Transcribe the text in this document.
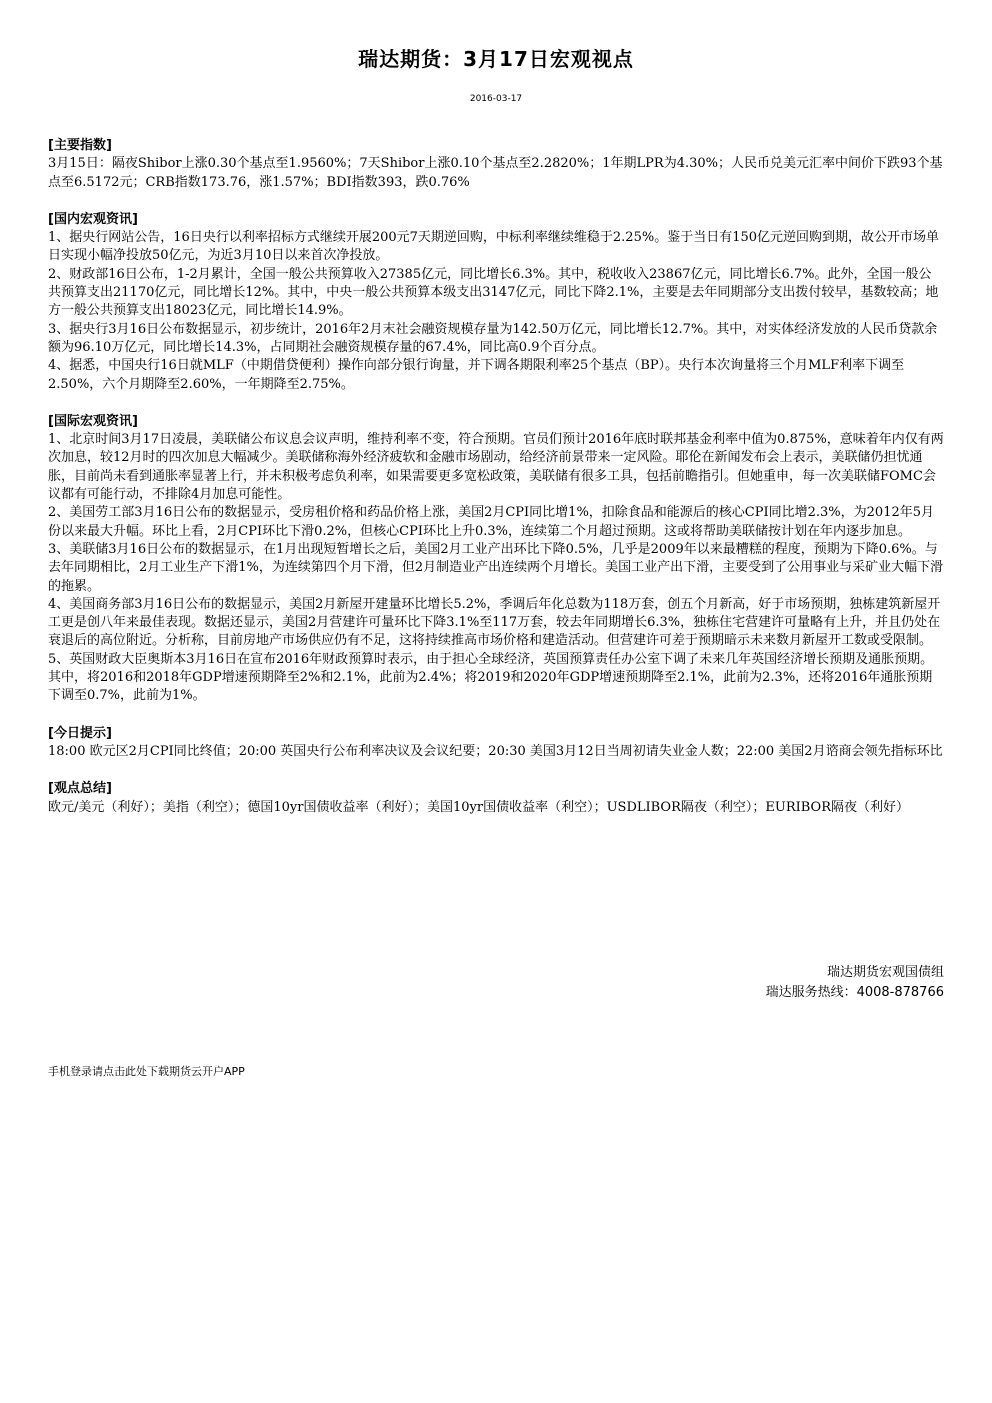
瑞达期货：3月17日宏观视点
2016-03-17
[主要指数]

3月15日：隔夜Shibor上涨0.30个基点至1.9560%；7天Shibor上涨0.10个基点至2.2820%；1年期LPR为4.30%；人民币兑美元汇率中间价下跌93个基点至6.5172元；CRB指数173.76，涨1.57%；BDI指数393，跌0.76%

[国内宏观资讯]

1、据央行网站公告，16日央行以利率招标方式继续开展200元7天期逆回购，中标利率继续维稳于2.25%。鉴于当日有150亿元逆回购到期，故公开市场单日实现小幅净投放50亿元，为近3月10日以来首次净投放。

2、财政部16日公布，1-2月累计，全国一般公共预算收入27385亿元，同比增长6.3%。其中，税收收入23867亿元，同比增长6.7%。此外，全国一般公共预算支出21170亿元，同比增长12%。其中，中央一般公共预算本级支出3147亿元，同比下降2.1%，主要是去年同期部分支出拨付较早，基数较高；地方一般公共预算支出18023亿元，同比增长14.9%。

3、据央行3月16日公布数据显示，初步统计，2016年2月末社会融资规模存量为142.50万亿元，同比增长12.7%。其中，对实体经济发放的人民币贷款余额为96.10万亿元，同比增长14.3%，占同期社会融资规模存量的67.4%，同比高0.9个百分点。

4、据悉，中国央行16日就MLF（中期借贷便利）操作向部分银行询量，并下调各期限利率25个基点（BP）。央行本次询量将三个月MLF利率下调至2.50%，六个月期降至2.60%，一年期降至2.75%。

[国际宏观资讯]

1、北京时间3月17日凌晨，美联储公布议息会议声明，维持利率不变，符合预期。官员们预计2016年底时联邦基金利率中值为0.875%，意味着年内仅有两次加息，较12月时的四次加息大幅减少。美联储称海外经济疲软和金融市场剧动，给经济前景带来一定风险。耶伦在新闻发布会上表示，美联储仍担忧通胀，目前尚未看到通胀率显著上行，并未积极考虑负利率，如果需要更多宽松政策，美联储有很多工具，包括前瞻指引。但她重申，每一次美联储FOMC会议都有可能行动，不排除4月加息可能性。

2、美国劳工部3月16日公布的数据显示，受房租价格和药品价格上涨，美国2月CPI同比增1%，扣除食品和能源后的核心CPI同比增2.3%，为2012年5月份以来最大升幅。环比上看，2月CPI环比下滑0.2%，但核心CPI环比上升0.3%，连续第二个月超过预期。这或将帮助美联储按计划在年内逐步加息。

3、美联储3月16日公布的数据显示，在1月出现短暂增长之后，美国2月工业产出环比下降0.5%，几乎是2009年以来最糟糕的程度，预期为下降0.6%。与去年同期相比，2月工业生产下滑1%，为连续第四个月下滑，但2月制造业产出连续两个月增长。美国工业产出下滑，主要受到了公用事业与采矿业大幅下滑的拖累。

4、美国商务部3月16日公布的数据显示，美国2月新屋开建量环比增长5.2%，季调后年化总数为118万套，创五个月新高，好于市场预期，独栋建筑新屋开工更是创八年来最佳表现。数据还显示，美国2月营建许可量环比下降3.1%至117万套，较去年同期增长6.3%，独栋住宅营建许可量略有上升，并且仍处在衰退后的高位附近。分析称，目前房地产市场供应仍有不足，这将持续推高市场价格和建造活动。但营建许可差于预期暗示未来数月新屋开工数或受限制。

5、英国财政大臣奥斯本3月16日在宣布2016年财政预算时表示，由于担心全球经济，英国预算责任办公室下调了未来几年英国经济增长预期及通胀预期。其中，将2016和2018年GDP增速预期降至2%和2.1%，此前为2.4%；将2019和2020年GDP增速预期降至2.1%，此前为2.3%，还将2016年通胀预期下调至0.7%，此前为1%。

[今日提示]

18:00 欧元区2月CPI同比终值；20:00 英国央行公布利率决议及会议纪要；20:30 美国3月12日当周初请失业金人数；22:00 美国2月谘商会领先指标环比

[观点总结]

欧元/美元（利好）；美指（利空）；德国10yr国债收益率（利好）；美国10yr国债收益率（利空）；USDLIBOR隔夜（利空）；EURIBOR隔夜（利好）

瑞达期货宏观国债组
瑞达服务热线：4008-878766
手机登录请点击此处下载期货云开户APP
